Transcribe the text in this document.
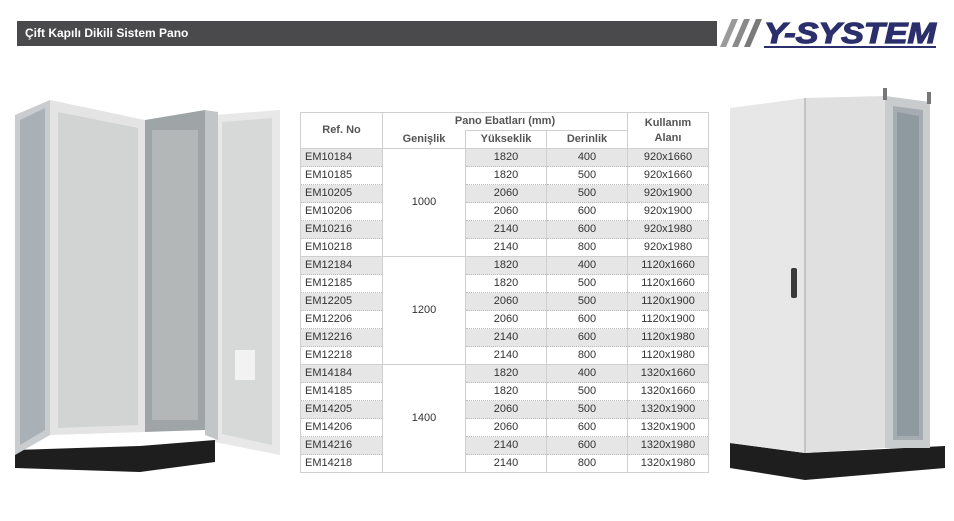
Çift Kapılı Dikili Sistem Pano	Y-SYSTEM
Ref. No	Pano Ebatları (mm)			Kullanım
Alanı

	Genişlik	Yükseklik	Derinlik	
EM10184	1000	1820	400	920x1660
EM10185		1820	500	920x1660
EM10205		2060	500	920x1900
EM10206		2060	600	920x1900
EM10216		2140	600	920x1980
EM10218		2140	800	920x1980
EM12184	1200	1820	400	1120x1660
EM12185		1820	500	1120x1660
EM12205		2060	500	1120x1900
EM12206		2060	600	1120x1900
EM12216		2140	600	1120x1980
EM12218		2140	800	1120x1980
EM14184	1400	1820	400	1320x1660
EM14185		1820	500	1320x1660
EM14205		2060	500	1320x1900
EM14206		2060	600	1320x1900
EM14216		2140	600	1320x1980
EM14218		2140	800	1320x1980
